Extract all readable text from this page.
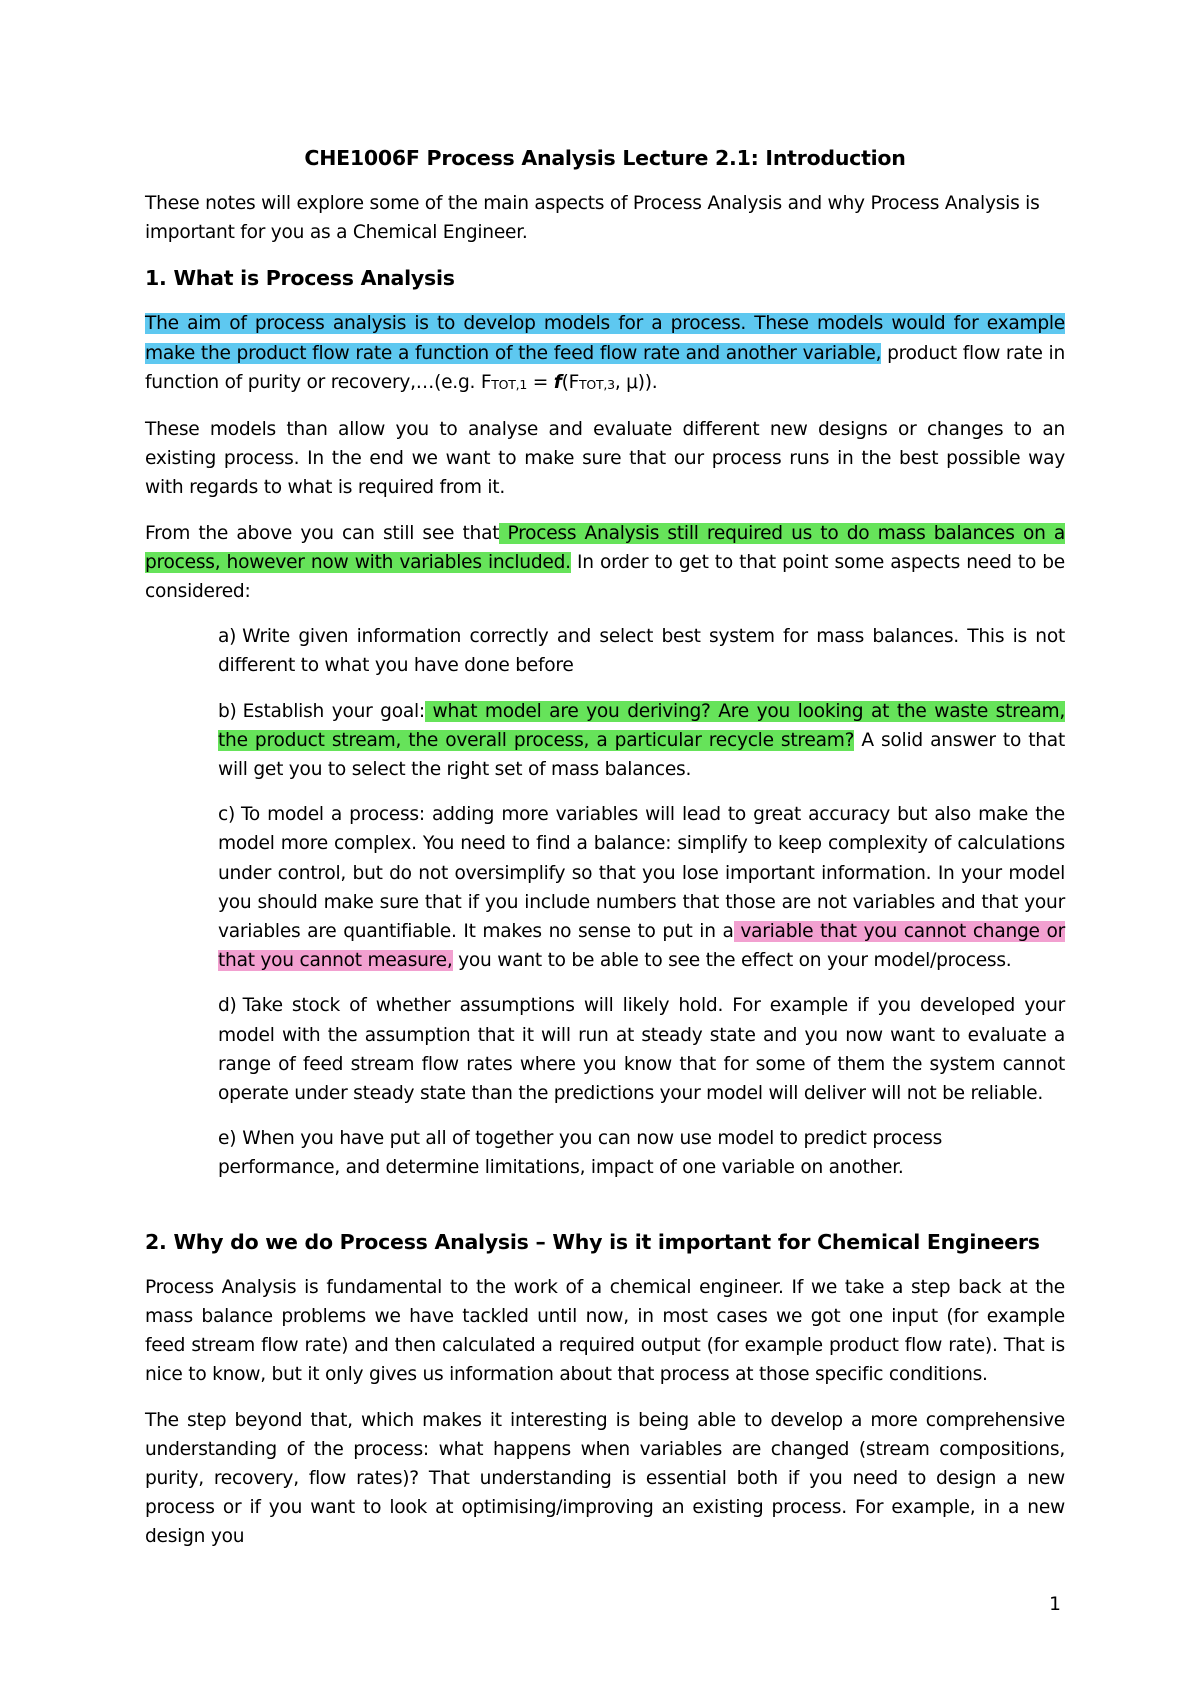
CHE1006F Process Analysis Lecture 2.1: Introduction

These notes will explore some of the main aspects of Process Analysis and why Process Analysis is important for you as a Chemical Engineer.

1. What is Process Analysis

The aim of process analysis is to develop models for a process. These models would for example make the product flow rate a function of the feed flow rate and another variable, product flow rate in function of purity or recovery,…(e.g. FTOT,1 = f(FTOT,3, μ)).

These models than allow you to analyse and evaluate different new designs or changes to an existing process. In the end we want to make sure that our process runs in the best possible way with regards to what is required from it.

From the above you can still see that Process Analysis still required us to do mass balances on a process, however now with variables included. In order to get to that point some aspects need to be considered:

a) Write given information correctly and select best system for mass balances. This is not different to what you have done before

b) Establish your goal: what model are you deriving? Are you looking at the waste stream, the product stream, the overall process, a particular recycle stream? A solid answer to that will get you to select the right set of mass balances.

c) To model a process: adding more variables will lead to great accuracy but also make the model more complex. You need to find a balance: simplify to keep complexity of calculations under control, but do not oversimplify so that you lose important information. In your model you should make sure that if you include numbers that those are not variables and that your variables are quantifiable. It makes no sense to put in a variable that you cannot change or that you cannot measure, you want to be able to see the effect on your model/process.

d) Take stock of whether assumptions will likely hold. For example if you developed your model with the assumption that it will run at steady state and you now want to evaluate a range of feed stream flow rates where you know that for some of them the system cannot operate under steady state than the predictions your model will deliver will not be reliable.

e) When you have put all of together you can now use model to predict process performance, and determine limitations, impact of one variable on another.

2. Why do we do Process Analysis – Why is it important for Chemical Engineers

Process Analysis is fundamental to the work of a chemical engineer. If we take a step back at the mass balance problems we have tackled until now, in most cases we got one input (for example feed stream flow rate) and then calculated a required output (for example product flow rate). That is nice to know, but it only gives us information about that process at those specific conditions.

The step beyond that, which makes it interesting is being able to develop a more comprehensive understanding of the process: what happens when variables are changed (stream compositions, purity, recovery, flow rates)? That understanding is essential both if you need to design a new process or if you want to look at optimising/improving an existing process. For example, in a new design you

1
